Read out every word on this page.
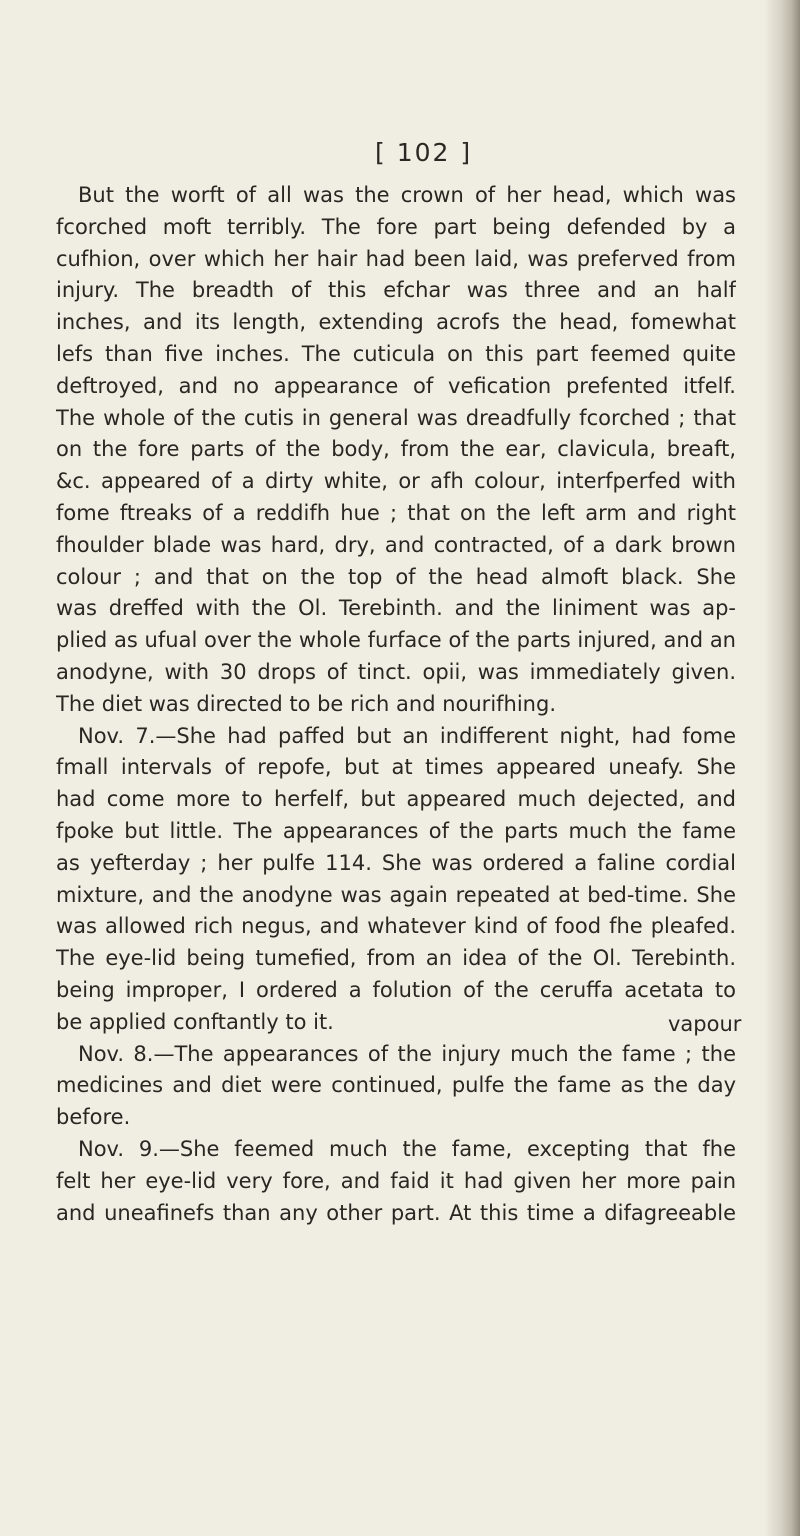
[ 102 ]
But the worft of all was the crown of her head, which was
fcorched moft terribly. The fore part being defended by a
cufhion, over which her hair had been laid, was preferved from
injury. The breadth of this efchar was three and an half
inches, and its length, extending acrofs the head, fomewhat
lefs than five inches. The cuticula on this part feemed quite
deftroyed, and no appearance of vefication prefented itfelf.
The whole of the cutis in general was dreadfully fcorched ; that
on the fore parts of the body, from the ear, clavicula, breaft,
&c. appeared of a dirty white, or afh colour, interfperfed with
fome ftreaks of a reddifh hue ; that on the left arm and right
fhoulder blade was hard, dry, and contracted, of a dark brown
colour ; and that on the top of the head almoft black. She
was dreffed with the Ol. Terebinth. and the liniment was ap-
plied as ufual over the whole furface of the parts injured, and an
anodyne, with 30 drops of tinct. opii, was immediately given.
The diet was directed to be rich and nourifhing.
Nov. 7.—She had paffed but an indifferent night, had fome
fmall intervals of repofe, but at times appeared uneafy. She
had come more to herfelf, but appeared much dejected, and
fpoke but little. The appearances of the parts much the fame
as yefterday ; her pulfe 114. She was ordered a faline cordial
mixture, and the anodyne was again repeated at bed-time. She
was allowed rich negus, and whatever kind of food fhe pleafed.
The eye-lid being tumefied, from an idea of the Ol. Terebinth.
being improper, I ordered a folution of the ceruffa acetata to
be applied conftantly to it.
Nov. 8.—The appearances of the injury much the fame ; the
medicines and diet were continued, pulfe the fame as the day
before.
Nov. 9.—She feemed much the fame, excepting that fhe
felt her eye-lid very fore, and faid it had given her more pain
and uneafinefs than any other part. At this time a difagreeable
vapour
